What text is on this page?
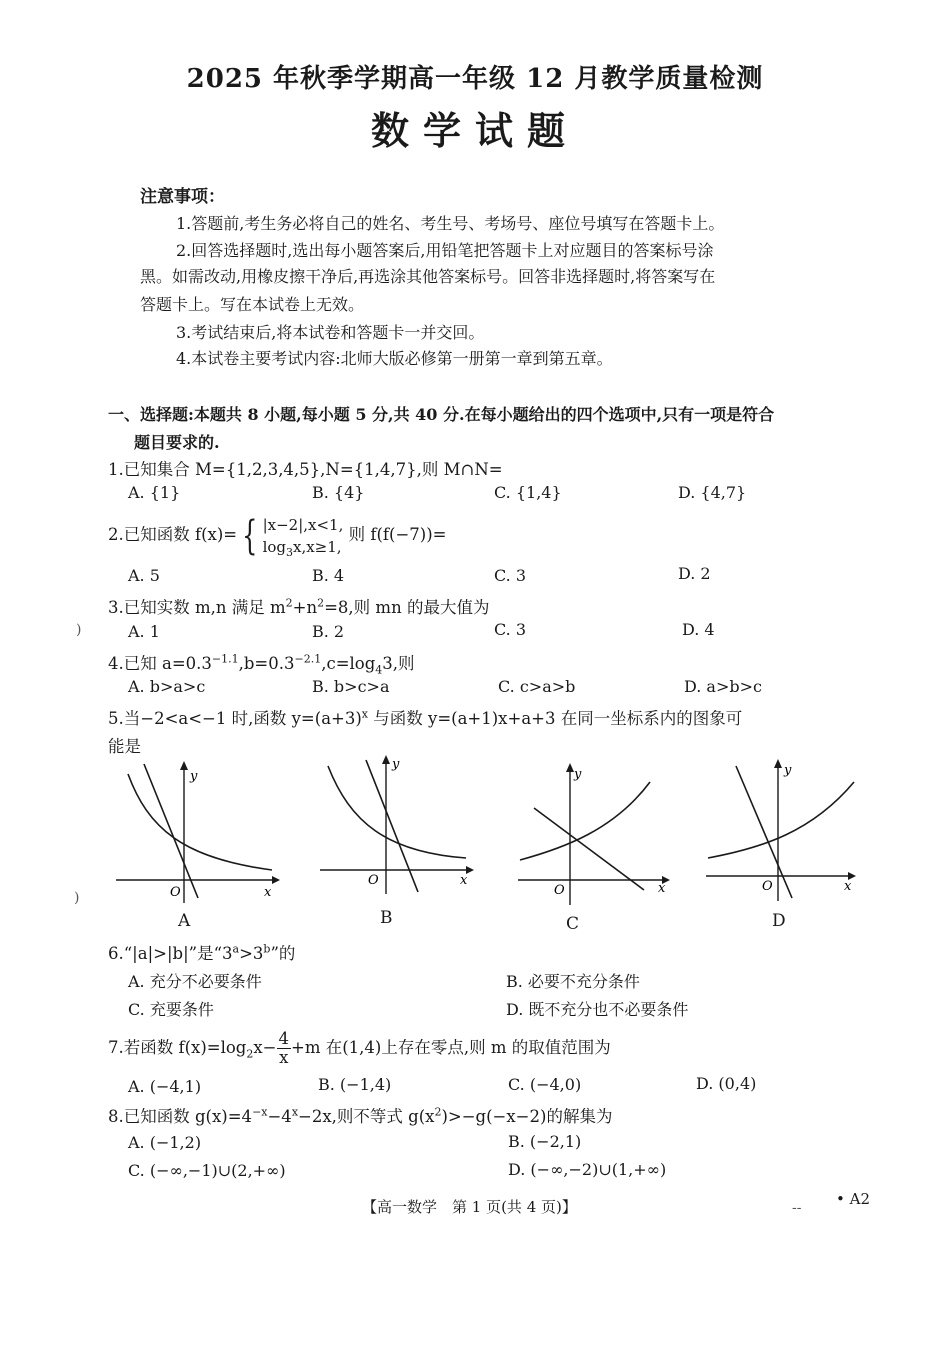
2025 年秋季学期高一年级 12 月教学质量检测
数学试题
注意事项：
1.答题前,考生务必将自己的姓名、考生号、考场号、座位号填写在答题卡上。
2.回答选择题时,选出每小题答案后,用铅笔把答题卡上对应题目的答案标号涂
黑。如需改动,用橡皮擦干净后,再选涂其他答案标号。回答非选择题时,将答案写在
答题卡上。写在本试卷上无效。
3.考试结束后,将本试卷和答题卡一并交回。
4.本试卷主要考试内容:北师大版必修第一册第一章到第五章。
一、选择题:本题共 8 小题,每小题 5 分,共 40 分.在每小题给出的四个选项中,只有一项是符合
题目要求的.
1.已知集合 M={1,2,3,4,5},N={1,4,7},则 M∩N=
A. {1}	B. {4}	C. {1,4}	D. {4,7}
2.已知函数 f(x)= { |x−2|,x<1,
$\log_3x,x\ge 1$,
则 f(f(−7))=
A. 5	B. 4	C. 3	D. 2
3.已知实数 m,n 满足 $m^2+n^2=8$,则 mn 的最大值为
A. 1	B. 2	C. 3	D. 4
4.已知 $a=0.3^{-1.1},b=0.3^{-2.1},c=\log_43$,则
A. b>a>c	B. b>c>a	C. c>a>b	D. a>b>c
5.当−2<a<−1 时,函数 $y=(a+3)^x$ 与函数 y=(a+1)x+a+3 在同一坐标系内的图象可
能是
y
x
O
A
y
x
O
B
y
x
O
C
y
x
O
D
6.“|a|>|b|”是“$3^a>3^b$”的
A. 充分不必要条件	B. 必要不充分条件
C. 充要条件	D. 既不充分也不必要条件
7.若函数 $f(x)=\log_2x- \frac{4}{x} +m$ 在(1,4)上存在零点,则 m 的取值范围为
A. (−4,1)	B. (−1,4)	C. (−4,0)	D. (0,4)
8.已知函数 $g(x)=4^{-x}-4^x-2x$,则不等式 $g(x^2)>-g(-x-2)$的解集为
A. (−1,2)	B. (−2,1)
C. (−∞,−1)∪(2,+∞)	D. (−∞,−2)∪(1,+∞)
【高一数学　第 1 页(共 4 页)】	-- • A2
)
)
